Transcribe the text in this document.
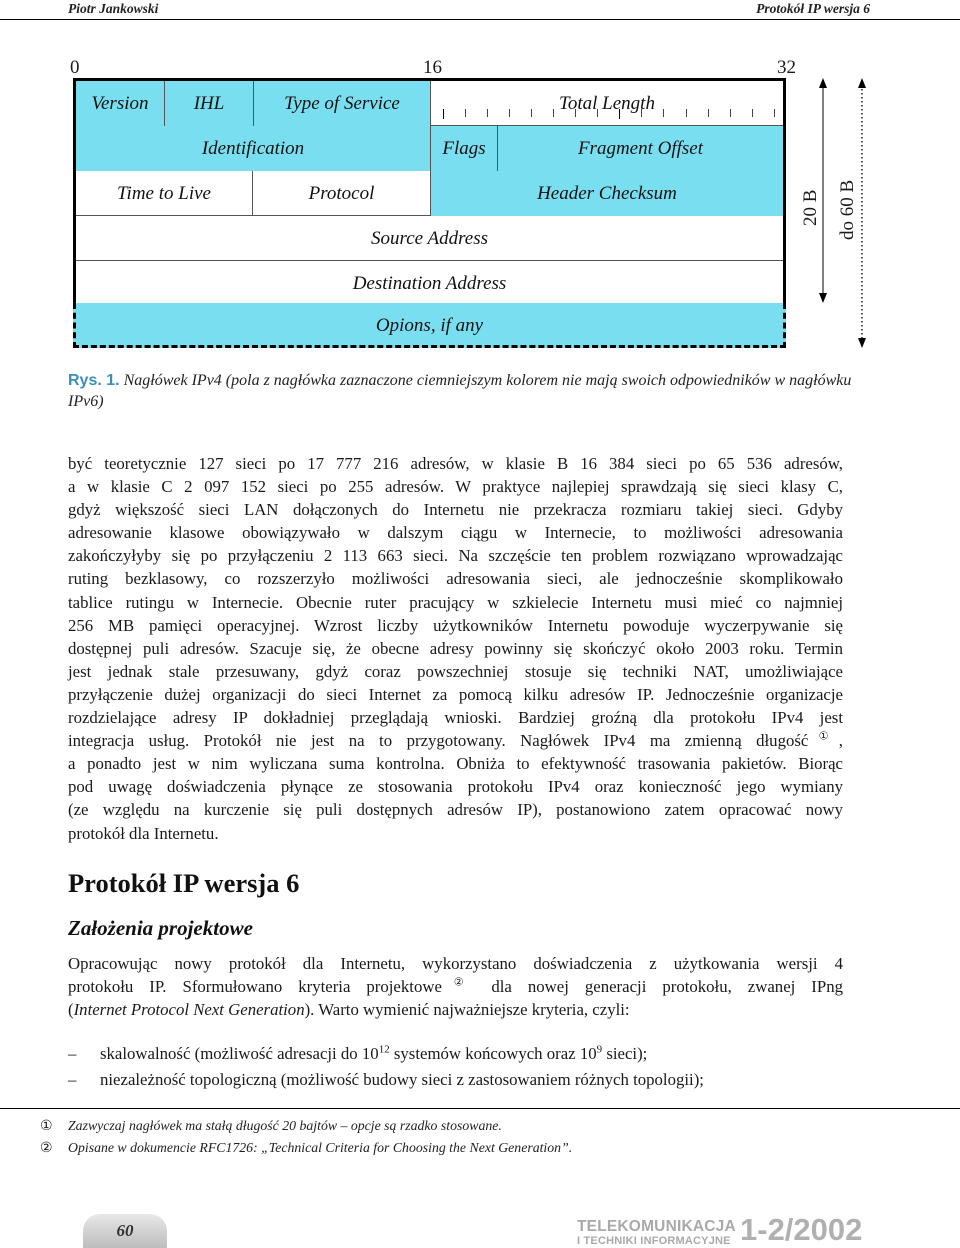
Piotr Jankowski	Protokół IP wersja 6
0	16	32
Version	IHL	Type of Service	Total Length
Identification	Flags	Fragment Offset
Time to Live	Protocol	Header Checksum
Source Address
Destination Address
Opions, if any
20 B do 60 B
Rys. 1. Nagłówek IPv4 (pola z nagłówka zaznaczone ciemniejszym kolorem nie mają swoich odpowiedników w nagłówku IPv6)
być teoretycznie 127 sieci po 17 777 216 adresów, w klasie B 16 384 sieci po 65 536 adresów,
a w klasie C 2 097 152 sieci po 255 adresów. W praktyce najlepiej sprawdzają się sieci klasy C,
gdyż większość sieci LAN dołączonych do Internetu nie przekracza rozmiaru takiej sieci. Gdyby
adresowanie klasowe obowiązywało w dalszym ciągu w Internecie, to możliwości adresowania
zakończyłyby się po przyłączeniu 2 113 663 sieci. Na szczęście ten problem rozwiązano wprowadzając
ruting bezklasowy, co rozszerzyło możliwości adresowania sieci, ale jednocześnie skomplikowało
tablice rutingu w Internecie. Obecnie ruter pracujący w szkielecie Internetu musi mieć co najmniej
256 MB pamięci operacyjnej. Wzrost liczby użytkowników Internetu powoduje wyczerpywanie się
dostępnej puli adresów. Szacuje się, że obecne adresy powinny się skończyć około 2003 roku. Termin
jest jednak stale przesuwany, gdyż coraz powszechniej stosuje się techniki NAT, umożliwiające
przyłączenie dużej organizacji do sieci Internet za pomocą kilku adresów IP. Jednocześnie organizacje
rozdzielające adresy IP dokładniej przeglądają wnioski. Bardziej groźną dla protokołu IPv4 jest
integracja usług. Protokół nie jest na to przygotowany. Nagłówek IPv4 ma zmienną długość①,
a ponadto jest w nim wyliczana suma kontrolna. Obniża to efektywność trasowania pakietów. Biorąc
pod uwagę doświadczenia płynące ze stosowania protokołu IPv4 oraz konieczność jego wymiany
(ze względu na kurczenie się puli dostępnych adresów IP), postanowiono zatem opracować nowy
protokół dla Internetu.
Protokół IP wersja 6
Założenia projektowe
Opracowując nowy protokół dla Internetu, wykorzystano doświadczenia z użytkowania wersji 4
protokołu IP. Sformułowano kryteria projektowe② dla nowej generacji protokołu, zwanej IPng
(Internet Protocol Next Generation). Warto wymienić najważniejsze kryteria, czyli:
– skalowalność (możliwość adresacji do $10^{12}$ systemów końcowych oraz $10^9$ sieci);
– niezależność topologiczną (możliwość budowy sieci z zastosowaniem różnych topologii);
① Zazwyczaj nagłówek ma stałą długość 20 bajtów – opcje są rzadko stosowane.
② Opisane w dokumencie RFC1726: „Technical Criteria for Choosing the Next Generation”.
60	TELEKOMUNIKACJA
I TECHNIKI INFORMACYJNE 1-2/2002
